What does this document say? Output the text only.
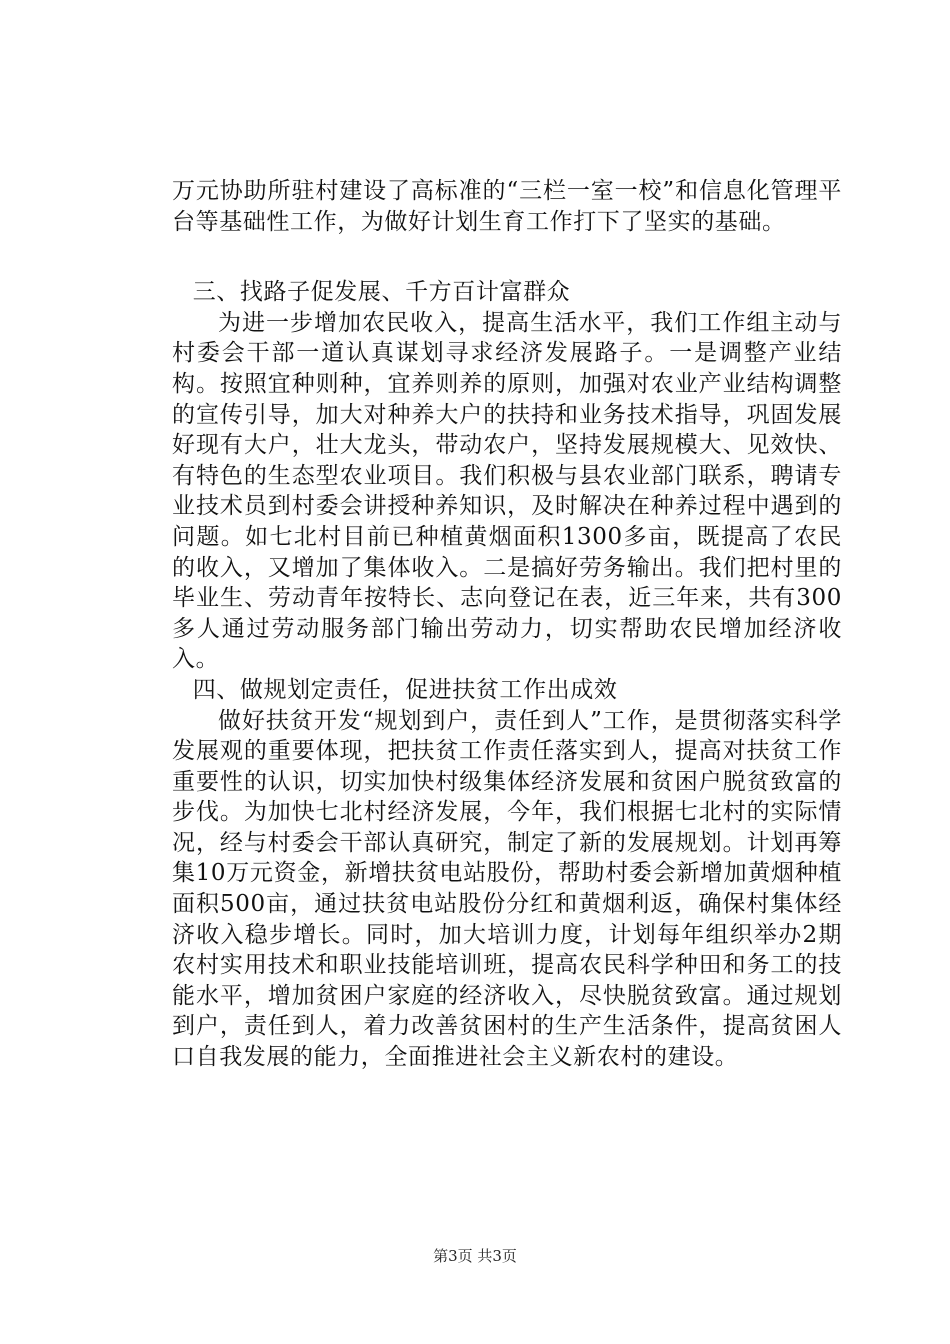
万元协助所驻村建设了高标准的“三栏一室一校”和信息化管理平台等基础性工作，为做好计划生育工作打下了坚实的基础。

三、找路子促发展、千方百计富群众

为进一步增加农民收入，提高生活水平，我们工作组主动与村委会干部一道认真谋划寻求经济发展路子。一是调整产业结构。按照宜种则种，宜养则养的原则，加强对农业产业结构调整的宣传引导，加大对种养大户的扶持和业务技术指导，巩固发展好现有大户，壮大龙头，带动农户，坚持发展规模大、见效快、有特色的生态型农业项目。我们积极与县农业部门联系，聘请专业技术员到村委会讲授种养知识，及时解决在种养过程中遇到的问题。如七北村目前已种植黄烟面积1300多亩，既提高了农民的收入，又增加了集体收入。二是搞好劳务输出。我们把村里的毕业生、劳动青年按特长、志向登记在表，近三年来，共有300多人通过劳动服务部门输出劳动力，切实帮助农民增加经济收入。

四、做规划定责任，促进扶贫工作出成效

做好扶贫开发“规划到户，责任到人”工作，是贯彻落实科学发展观的重要体现，把扶贫工作责任落实到人，提高对扶贫工作重要性的认识，切实加快村级集体经济发展和贫困户脱贫致富的步伐。为加快七北村经济发展，今年，我们根据七北村的实际情况，经与村委会干部认真研究，制定了新的发展规划。计划再筹集10万元资金，新增扶贫电站股份，帮助村委会新增加黄烟种植面积500亩，通过扶贫电站股份分红和黄烟利返，确保村集体经济收入稳步增长。同时，加大培训力度，计划每年组织举办2期农村实用技术和职业技能培训班，提高农民科学种田和务工的技能水平，增加贫困户家庭的经济收入，尽快脱贫致富。通过规划到户，责任到人，着力改善贫困村的生产生活条件，提高贫困人口自我发展的能力，全面推进社会主义新农村的建设。

第3页 共3页
